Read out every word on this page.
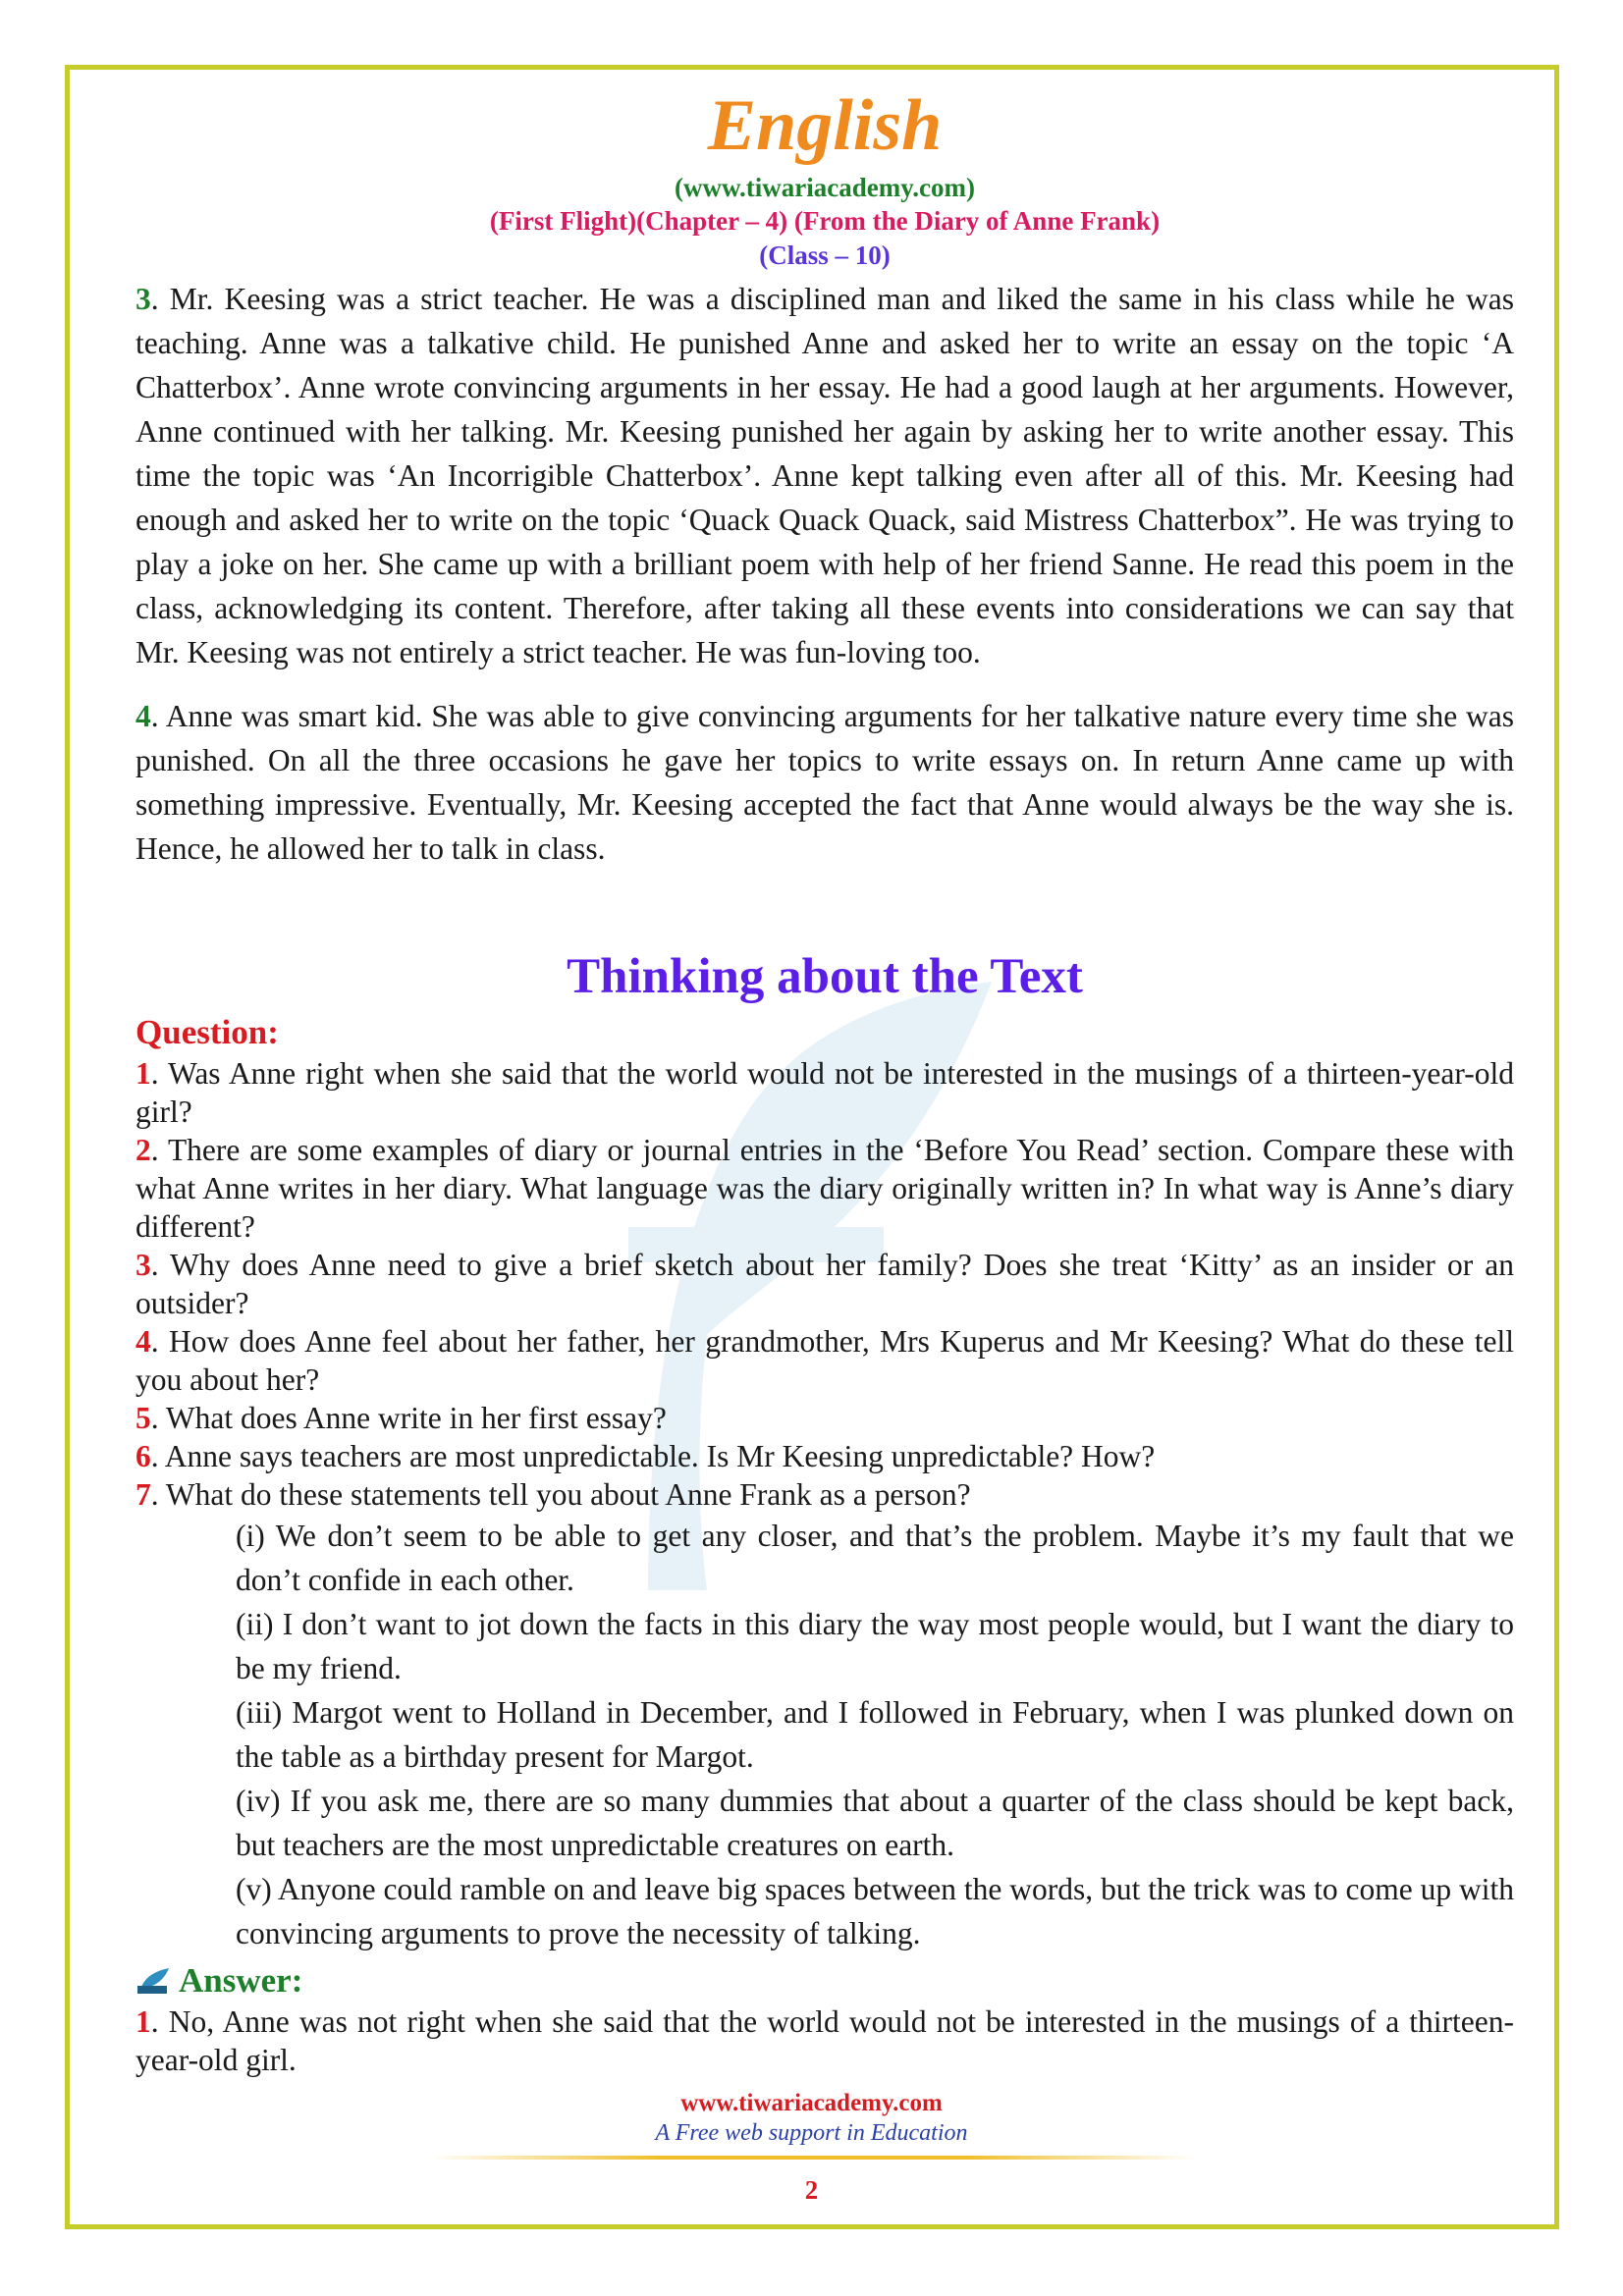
English
(www.tiwariacademy.com)
(First Flight)(Chapter – 4) (From the Diary of Anne Frank)
(Class – 10)

3. Mr. Keesing was a strict teacher. He was a disciplined man and liked the same in his class while he was teaching. Anne was a talkative child. He punished Anne and asked her to write an essay on the topic ‘A Chatterbox’. Anne wrote convincing arguments in her essay. He had a good laugh at her arguments. However, Anne continued with her talking. Mr. Keesing punished her again by asking her to write another essay. This time the topic was ‘An Incorrigible Chatterbox’. Anne kept talking even after all of this. Mr. Keesing had enough and asked her to write on the topic ‘Quack Quack Quack, said Mistress Chatterbox”. He was trying to play a joke on her. She came up with a brilliant poem with help of her friend Sanne. He read this poem in the class, acknowledging its content. Therefore, after taking all these events into considerations we can say that Mr. Keesing was not entirely a strict teacher. He was fun-loving too.

4. Anne was smart kid. She was able to give convincing arguments for her talkative nature every time she was punished. On all the three occasions he gave her topics to write essays on. In return Anne came up with something impressive. Eventually, Mr. Keesing accepted the fact that Anne would always be the way she is. Hence, he allowed her to talk in class.

Thinking about the Text
Question:

1. Was Anne right when she said that the world would not be interested in the musings of a thirteen-year-old girl?

2. There are some examples of diary or journal entries in the ‘Before You Read’ section. Compare these with what Anne writes in her diary. What language was the diary originally written in? In what way is Anne’s diary different?

3. Why does Anne need to give a brief sketch about her family? Does she treat ‘Kitty’ as an insider or an outsider?

4. How does Anne feel about her father, her grandmother, Mrs Kuperus and Mr Keesing? What do these tell you about her?

5. What does Anne write in her first essay?

6. Anne says teachers are most unpredictable. Is Mr Keesing unpredictable? How?

7. What do these statements tell you about Anne Frank as a person?

(i) We don’t seem to be able to get any closer, and that’s the problem. Maybe it’s my fault that we don’t confide in each other.

(ii) I don’t want to jot down the facts in this diary the way most people would, but I want the diary to be my friend.

(iii) Margot went to Holland in December, and I followed in February, when I was plunked down on the table as a birthday present for Margot.

(iv) If you ask me, there are so many dummies that about a quarter of the class should be kept back, but teachers are the most unpredictable creatures on earth.

(v) Anyone could ramble on and leave big spaces between the words, but the trick was to come up with convincing arguments to prove the necessity of talking.

Answer:

1. No, Anne was not right when she said that the world would not be interested in the musings of a thirteen-year-old girl.

www.tiwariacademy.com
A Free web support in Education
2
